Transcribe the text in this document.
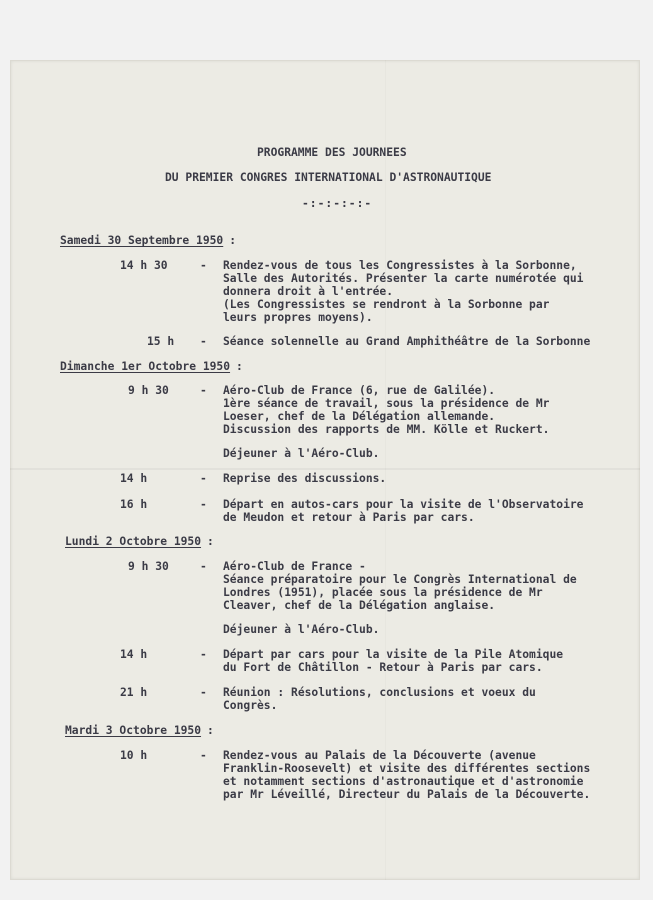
PROGRAMME DES JOURNEES
DU PREMIER CONGRES INTERNATIONAL D'ASTRONAUTIQUE
-:-:-:-:-
Samedi 30 Septembre 1950 :
14 h 30	- Rendez-vous de tous les Congressistes à la Sorbonne,
Salle des Autorités. Présenter la carte numérotée qui
donnera droit à l'entrée.
(Les Congressistes se rendront à la Sorbonne par
leurs propres moyens).
15 h - Séance solennelle au Grand Amphithéâtre de la Sorbonne
Dimanche 1er Octobre 1950 :
9 h 30	- Aéro-Club de France (6, rue de Galilée).
1ère séance de travail, sous la présidence de Mr
Loeser, chef de la Délégation allemande.
Discussion des rapports de MM. Kölle et Ruckert.
Déjeuner à l'Aéro-Club.
14 h	- Reprise des discussions.
16 h	- Départ en autos-cars pour la visite de l'Observatoire
de Meudon et retour à Paris par cars.
Lundi 2 Octobre 1950 :
9 h 30	- Aéro-Club de France -
Séance préparatoire pour le Congrès International de
Londres (1951), placée sous la présidence de Mr
Cleaver, chef de la Délégation anglaise.
Déjeuner à l'Aéro-Club.
14 h	- Départ par cars pour la visite de la Pile Atomique
du Fort de Châtillon - Retour à Paris par cars.
21 h	- Réunion : Résolutions, conclusions et voeux du
Congrès.
Mardi 3 Octobre 1950 :
10 h	- Rendez-vous au Palais de la Découverte (avenue
Franklin-Roosevelt) et visite des différentes sections
et notamment sections d'astronautique et d'astronomie
par Mr Léveillé, Directeur du Palais de la Découverte.
